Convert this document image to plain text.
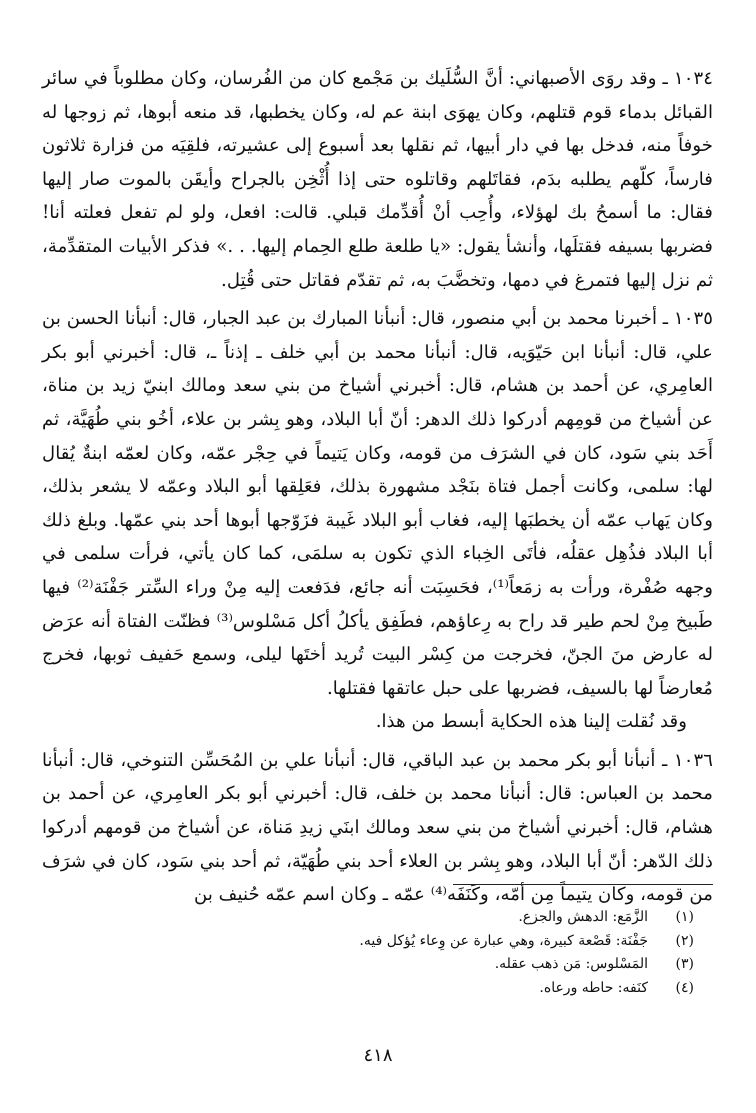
١٠٣٤ ـ وقد روَى الأصبهاني: أنَّ السُّلَيك بن مَجْمع كان من الفُرسان، وكان مطلوباً في سائر القبائل بدماء قوم قتلهم، وكان يهوَى ابنة عم له، وكان يخطبها، قد منعه أبوها، ثم زوجها له خوفاً منه، فدخل بها في دار أبيها، ثم نقلها بعد أسبوع إلى عشيرته، فلقِيَه من فزارة ثلاثون فارساً، كلّهم يطلبه بدَم، فقاتَلهم وقاتلوه حتى إذا أُثْخِن بالجراح وأيقَن بالموت صار إليها فقال: ما أسمحُ بك لهؤلاء، وأُحِب أنْ أُقدِّمك قبلي. قالت: افعل، ولو لم تفعل فعلته أنا! فضربها بسيفه فقتلَها، وأنشأ يقول: «يا طلعة طلع الحِمام إليها. . .» فذكر الأبيات المتقدِّمة، ثم نزل إليها فتمرغ في دمها، وتخضَّبَ به، ثم تقدّم فقاتل حتى قُتِل.

١٠٣٥ ـ أخبرنا محمد بن أبي منصور، قال: أنبأنا المبارك بن عبد الجبار، قال: أنبأنا الحسن بن علي، قال: أنبأنا ابن حَيّوَيه، قال: أنبأنا محمد بن أبي خلف ـ إذناً ـ، قال: أخبرني أبو بكر العامِري، عن أحمد بن هشام، قال: أخبرني أشياخ من بني سعد ومالك ابنيّ زيد بن مناة، عن أشياخ من قومِهم أدركوا ذلك الدهر: أنّ أبا البلاد، وهو بِشر بن علاء، أخُو بني طُهَيَّة، ثم أَحَد بني سَود، كان في الشرَف من قومه، وكان يَتيماً في حِجْر عمّه، وكان لعمّه ابنةٌ يُقال لها: سلمى، وكانت أجمل فتاة بنَجْد مشهورة بذلك، فعَلِقها أبو البلاد وعمّه لا يشعر بذلك، وكان يَهاب عمّه أن يخطبَها إليه، فغاب أبو البلاد غَيبة فزَوّجها أبوها أحد بني عمّها. وبلغ ذلك أبا البلاد فذُهِل عقلُه، فأتَى الخِباء الذي تكون به سلمَى، كما كان يأتي، فرأت سلمى في وجهه صُفْرة، ورأت به زمَعاً⁽¹⁾، فحَسِبَت أنه جائع، فدَفعت إليه مِنْ وراء السِّتر جَفْنَة⁽²⁾ فيها طَبيخ مِنْ لحم طير قد راح به رِعاؤهم، فطَفِق يأكلُ أكل مَسْلوس⁽³⁾ فظنّت الفتاة أنه عرَض له عارض منَ الجنّ، فخرجت من كِسْر البيت تُريد أختَها ليلى، وسمع حَفيف ثوبها، فخرج مُعارضاً لها بالسيف، فضربها على حبل عاتقها فقتلها.

وقد نُقلت إلينا هذه الحكاية أبسط من هذا.

١٠٣٦ ـ أنبأنا أبو بكر محمد بن عبد الباقي، قال: أنبأنا علي بن المُحَسِّن التنوخي، قال: أنبأنا محمد بن العباس: قال: أنبأنا محمد بن خلف، قال: أخبرني أبو بكر العامِري، عن أحمد بن هشام، قال: أخبرني أشياخ من بني سعد ومالك ابنَي زيدِ مَناة، عن أشياخ من قومهم أدركوا ذلك الدّهر: أنّ أبا البلاد، وهو بِشر بن العلاء أحد بني طُهَيّة، ثم أحد بني سَود، كان في شرَف من قومه، وكان يتيماً مِن أمّه، وكَنَفَه⁽⁴⁾ عمّه ـ وكان اسم عمّه حُنيف بن

(١)
الزَّمَع: الدهش والجزع.
(٢)
جَفْنَة: قَصْعة كبيرة، وهي عبارة عن وِعاء يُؤكل فيه.
(٣)
المَسْلوس: مَن ذهب عقله.
(٤)
كنَفه: حاطه ورعاه.
٤١٨
